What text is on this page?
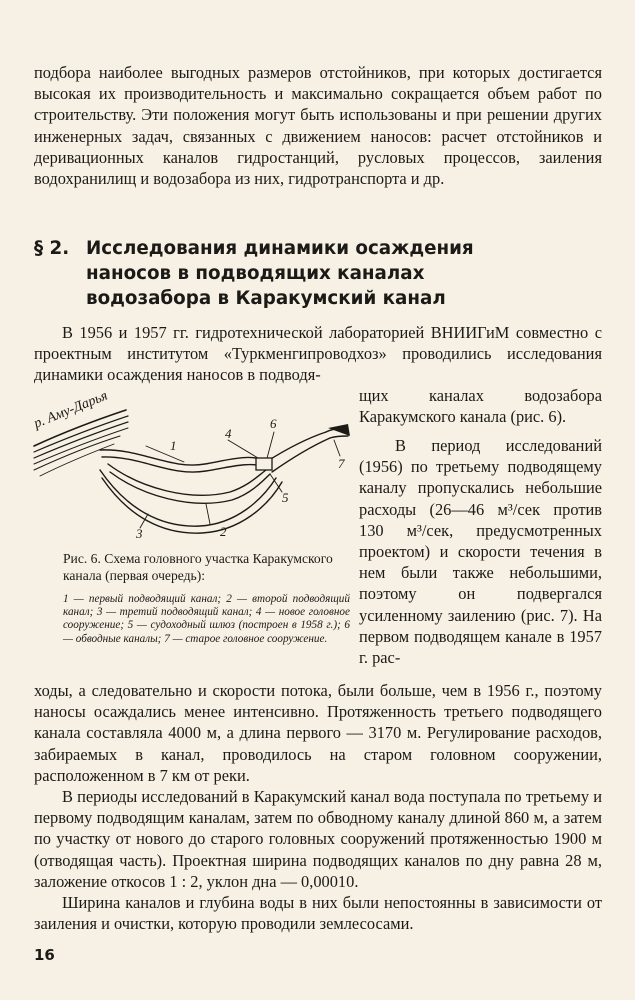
подбора наиболее выгодных размеров отстойников, при которых достигается высокая их производительность и максимально сокращается объем работ по строительству. Эти положения могут быть использованы и при решении других инженерных задач, связанных с движением наносов: расчет отстойников и деривационных каналов гидростанций, русловых процессов, заиления водохранилищ и водозабора из них, гидротранспорта и др.
§ 2. Исследования динамики осаждения
наносов в подводящих каналах
водозабора в Каракумский канал
В 1956 и 1957 гг. гидротехнической лабораторией ВНИИГиМ совместно с проектным институтом «Туркменгипроводхоз» проводились исследования динамики осаждения наносов в подводя-
щих каналах водозабора Каракумского канала (рис. 6).
В период исследований (1956) по третьему подводящему каналу пропускались небольшие расходы (26—46 м³/сек против 130 м³/сек, предусмотренных проектом) и скорости течения в нем были также небольшими, поэтому он подвергался усиленному заилению (рис. 7). На первом подводящем канале в 1957 г. рас-
р. Аму-Дарья
1
2
3
4
5
6
7
Рис. 6. Схема головного участка Каракумского канала (первая очередь):
1 — первый подводящий канал; 2 — второй подводящий канал; 3 — третий подводящий канал; 4 — новое головное сооружение; 5 — судоходный шлюз (построен в 1958 г.); 6 — обводные каналы; 7 — старое головное сооружение.
ходы, а следовательно и скорости потока, были больше, чем в 1956 г., поэтому наносы осаждались менее интенсивно. Протяженность третьего подводящего канала составляла 4000 м, а длина первого — 3170 м. Регулирование расходов, забираемых в канал, проводилось на старом головном сооружении, расположенном в 7 км от реки.
В периоды исследований в Каракумский канал вода поступала по третьему и первому подводящим каналам, затем по обводному каналу длиной 860 м, а затем по участку от нового до старого головных сооружений протяженностью 1900 м (отводящая часть). Проектная ширина подводящих каналов по дну равна 28 м, заложение откосов 1 : 2, уклон дна — 0,00010.
Ширина каналов и глубина воды в них были непостоянны в зависимости от заиления и очистки, которую проводили землесосами.
16
